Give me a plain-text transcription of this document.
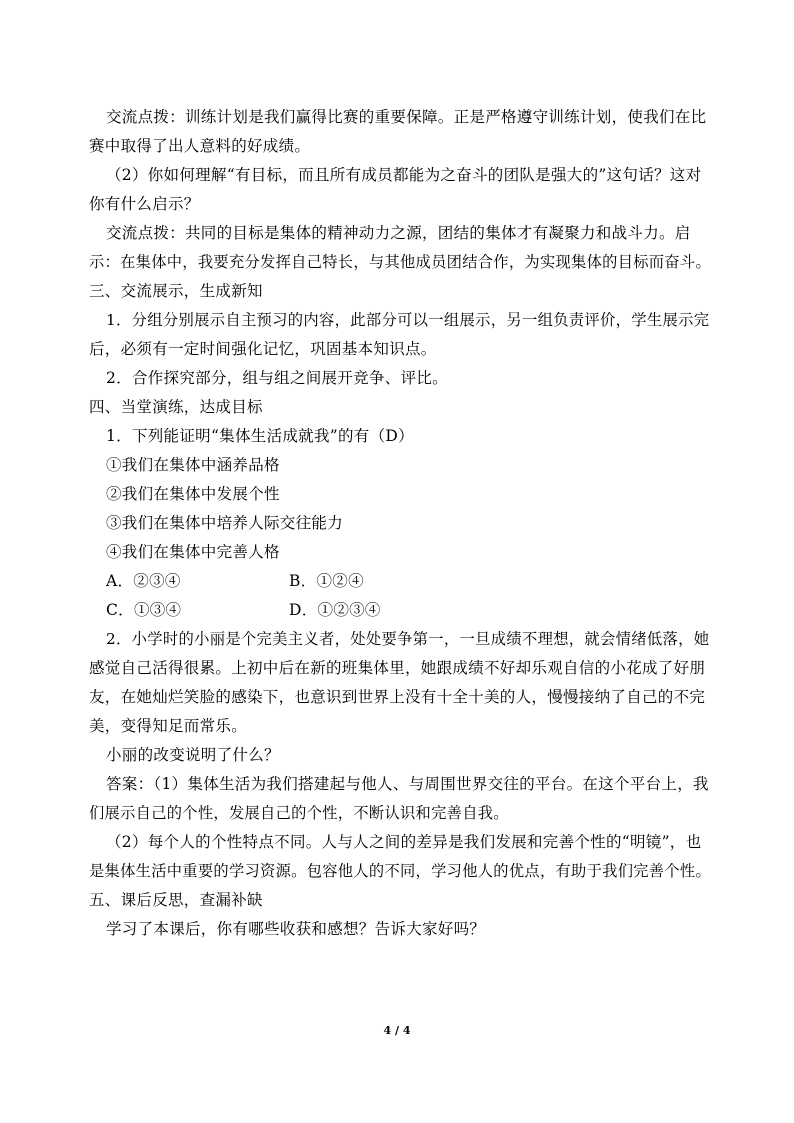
交流点拨：训练计划是我们赢得比赛的重要保障。正是严格遵守训练计划，使我们在比
赛中取得了出人意料的好成绩。
（2）你如何理解“有目标，而且所有成员都能为之奋斗的团队是强大的”这句话？这对
你有什么启示？
交流点拨：共同的目标是集体的精神动力之源，团结的集体才有凝聚力和战斗力。启
示：在集体中，我要充分发挥自己特长，与其他成员团结合作，为实现集体的目标而奋斗。
三、交流展示，生成新知
1．分组分别展示自主预习的内容，此部分可以一组展示，另一组负责评价，学生展示完
后，必须有一定时间强化记忆，巩固基本知识点。
2．合作探究部分，组与组之间展开竞争、评比。
四、当堂演练，达成目标
1．下列能证明“集体生活成就我”的有（D）
①我们在集体中涵养品格
②我们在集体中发展个性
③我们在集体中培养人际交往能力
④我们在集体中完善人格
A．②③④	B．①②④
C．①③④	D．①②③④
2．小学时的小丽是个完美主义者，处处要争第一，一旦成绩不理想，就会情绪低落，她
感觉自己活得很累。上初中后在新的班集体里，她跟成绩不好却乐观自信的小花成了好朋
友，在她灿烂笑脸的感染下，也意识到世界上没有十全十美的人，慢慢接纳了自己的不完
美，变得知足而常乐。
小丽的改变说明了什么？
答案：（1）集体生活为我们搭建起与他人、与周围世界交往的平台。在这个平台上，我
们展示自己的个性，发展自己的个性，不断认识和完善自我。
（2）每个人的个性特点不同。人与人之间的差异是我们发展和完善个性的“明镜”，也
是集体生活中重要的学习资源。包容他人的不同，学习他人的优点，有助于我们完善个性。
五、课后反思，查漏补缺
学习了本课后，你有哪些收获和感想？告诉大家好吗？
4 / 4
